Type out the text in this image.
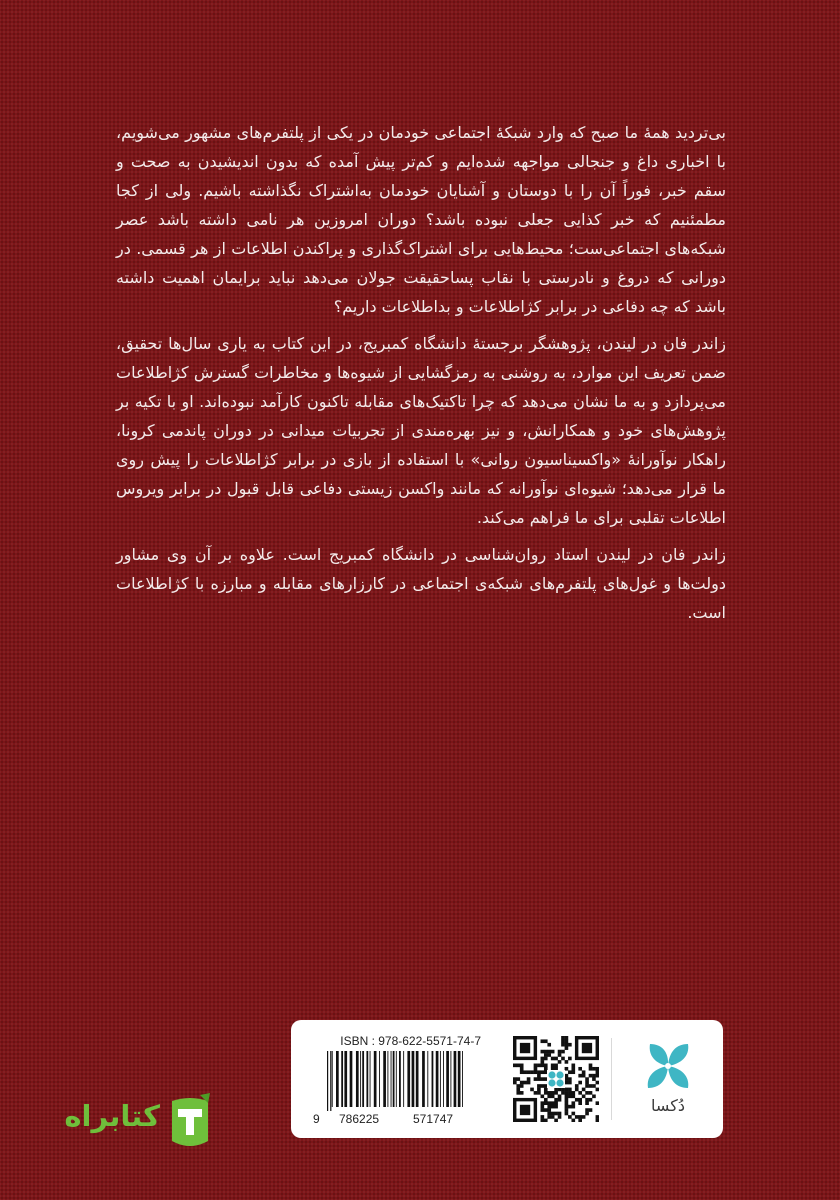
بی‌تردید همهٔ ما صبح که وارد شبکهٔ اجتماعی خودمان در یکی از پلتفرم‌های مشهور می‌شویم، با اخباری داغ و جنجالی مواجهه شده‌ایم و کم‌تر پیش آمده که بدون اندیشیدن به صحت و سقم خبر، فوراً آن را با دوستان و آشنایان خودمان به‌اشتراک نگذاشته باشیم. ولی از کجا مطمئنیم که خبر کذایی جعلی نبوده باشد؟ دوران امروزین هر نامی داشته باشد عصر شبکه‌های اجتماعی‌ست؛ محیط‌هایی برای اشتراک‌گذاری و پراکندن اطلاعات از هر قسمی. در دورانی که دروغ و نادرستی با نقاب پساحقیقت جولان می‌دهد نباید برایمان اهمیت داشته باشد که چه دفاعی در برابر کژاطلاعات و بداطلاعات داریم؟

زاندر فان در لیندن، پژوهشگر برجستهٔ دانشگاه کمبریج، در این کتاب به یاری سال‌ها تحقیق، ضمن تعریف این موارد، به روشنی به رمزگشایی از شیوه‌ها و مخاطرات گسترش کژاطلاعات می‌پردازد و به ما نشان می‌دهد که چرا تاکتیک‌های مقابله تاکنون کارآمد نبوده‌اند. او با تکیه بر پژوهش‌های خود و همکارانش، و نیز بهره‌مندی از تجربیات میدانی در دوران پاندمی کرونا، راهکار نوآورانهٔ «واکسیناسیون روانی» با استفاده از بازی در برابر کژاطلاعات را پیش روی ما قرار می‌دهد؛ شیوه‌ای نوآورانه که مانند واکسن زیستی دفاعی قابل قبول در برابر ویروس اطلاعات تقلبی برای ما فراهم می‌کند.

زاندر فان در لیندن استاد روان‌شناسی در دانشگاه کمبریج است. علاوه بر آن وی مشاور دولت‌ها و غول‌های پلتفرم‌های شبکه‌ی اجتماعی در کارزارهای مقابله و مبارزه با کژاطلاعات است.

ISBN : 978-622-5571-74-7
9 786225	571747
دُکسا
کتابراه
